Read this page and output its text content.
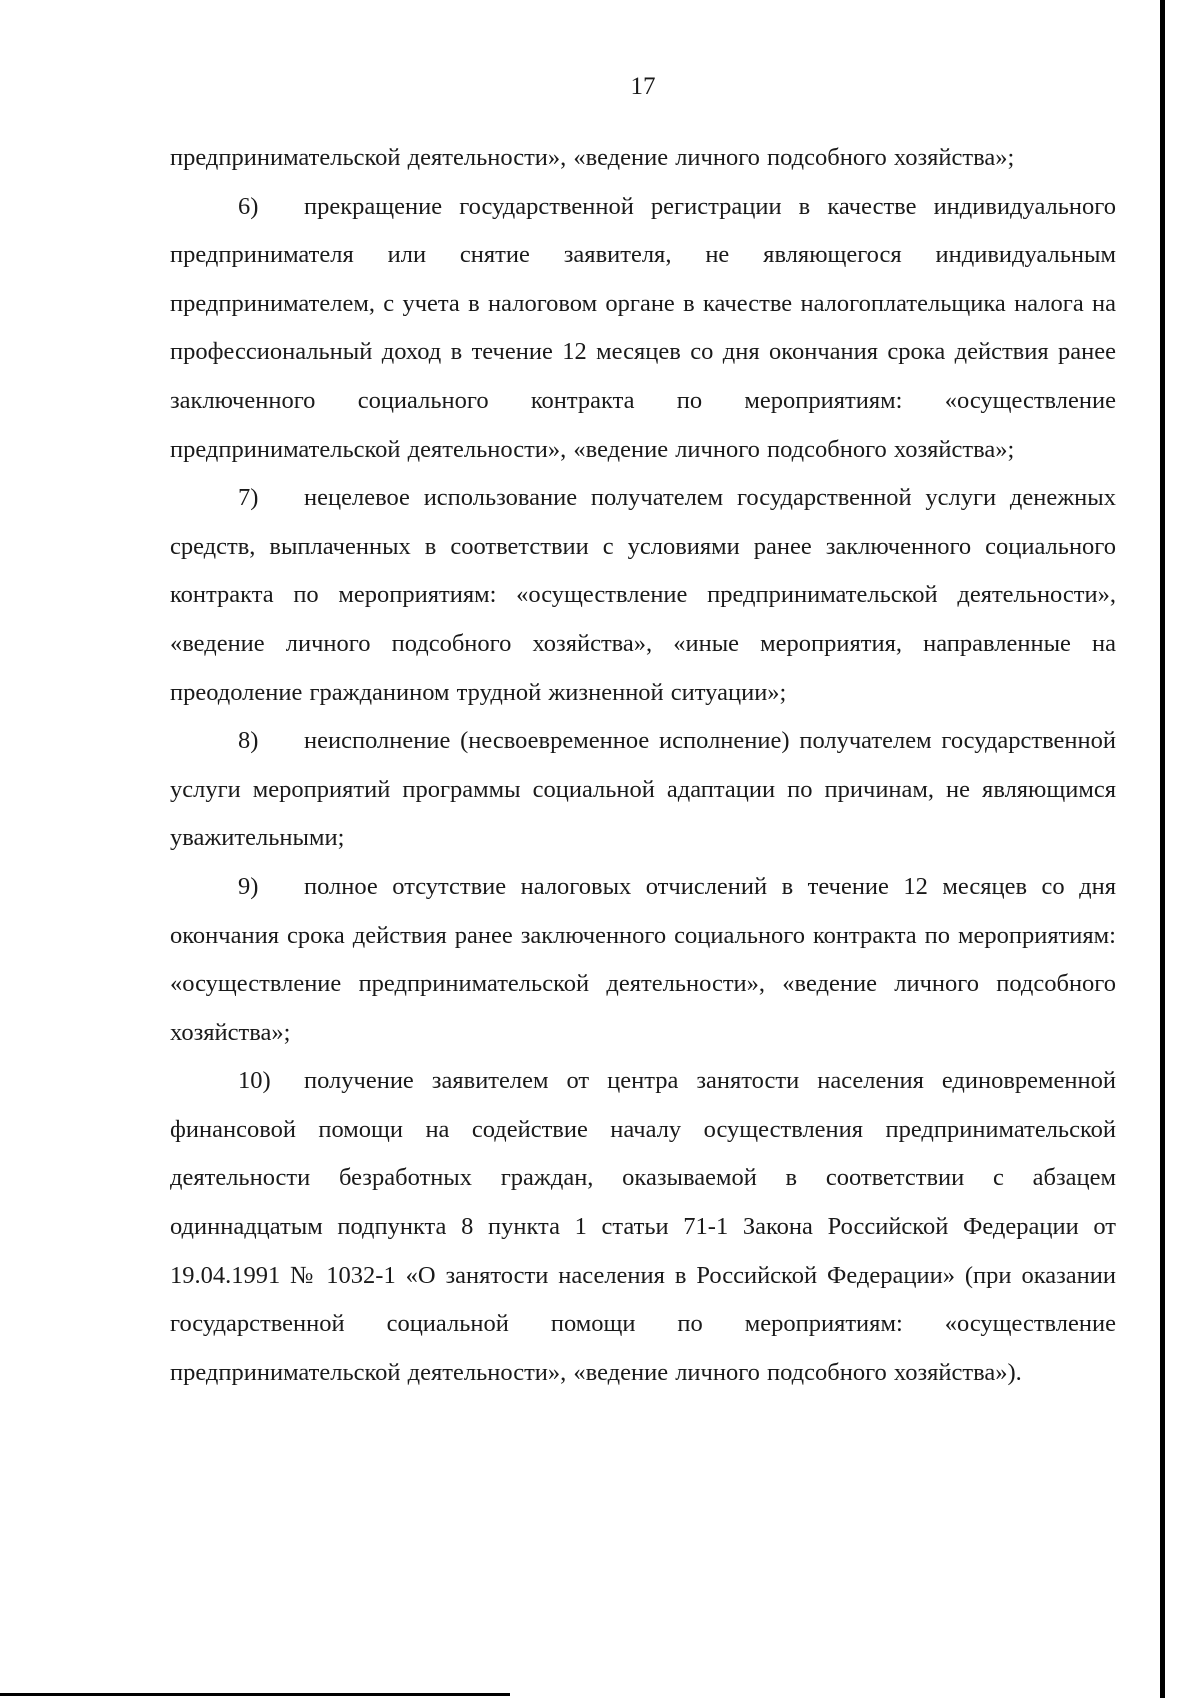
17

предпринимательской деятельности», «ведение личного подсобного хозяйства»;

6) прекращение государственной регистрации в качестве индивидуального предпринимателя или снятие заявителя, не являющегося индивидуальным предпринимателем, с учета в налоговом органе в качестве налогоплательщика налога на профессиональный доход в течение 12 месяцев со дня окончания срока действия ранее заключенного социального контракта по мероприятиям: «осуществление предпринимательской деятельности», «ведение личного подсобного хозяйства»;

7) нецелевое использование получателем государственной услуги денежных средств, выплаченных в соответствии с условиями ранее заключенного социального контракта по мероприятиям: «осуществление предпринимательской деятельности», «ведение личного подсобного хозяйства», «иные мероприятия, направленные на преодоление гражданином трудной жизненной ситуации»;

8) неисполнение (несвоевременное исполнение) получателем государственной услуги мероприятий программы социальной адаптации по причинам, не являющимся уважительными;

9) полное отсутствие налоговых отчислений в течение 12 месяцев со дня окончания срока действия ранее заключенного социального контракта по мероприятиям: «осуществление предпринимательской деятельности», «ведение личного подсобного хозяйства»;

10) получение заявителем от центра занятости населения единовременной финансовой помощи на содействие началу осуществления предпринимательской деятельности безработных граждан, оказываемой в соответствии с абзацем одиннадцатым подпункта 8 пункта 1 статьи 71-1 Закона Российской Федерации от 19.04.1991 № 1032-1 «О занятости населения в Российской Федерации» (при оказании государственной социальной помощи по мероприятиям: «осуществление предпринимательской деятельности», «ведение личного подсобного хозяйства»).
